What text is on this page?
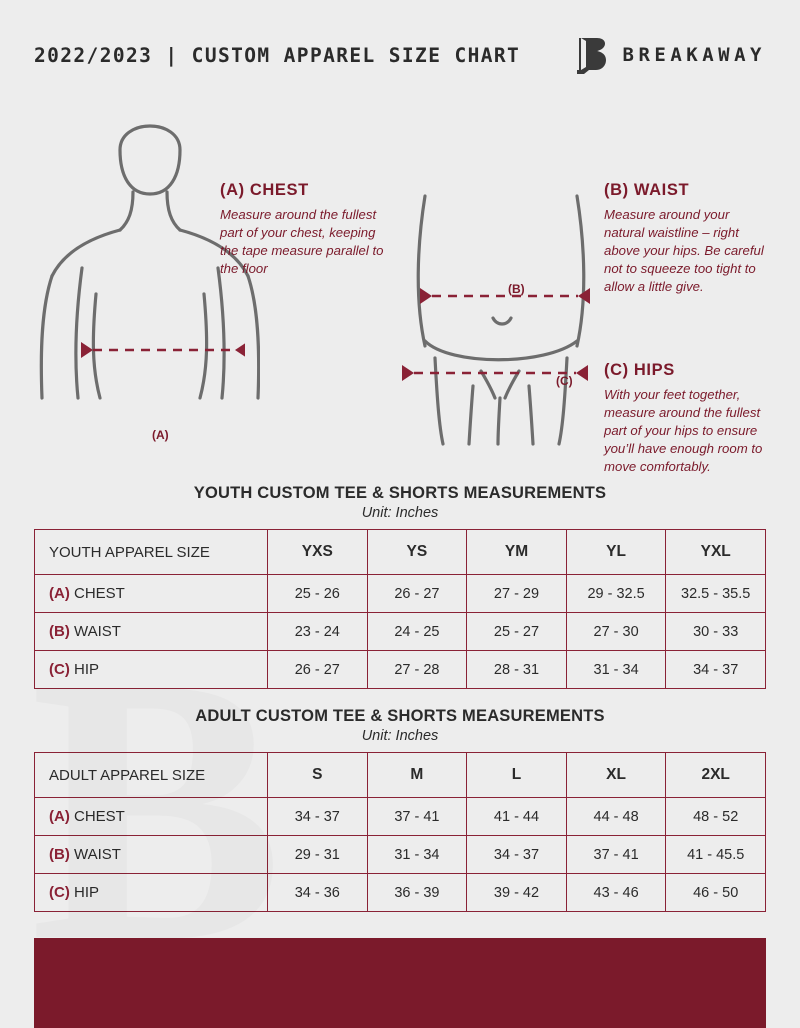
2022/2023 | CUSTOM APPAREL SIZE CHART	BREAKAWAY
(A)
(B)
(C)
(A) CHEST

Measure around the fullest part of your chest, keeping the tape measure parallel to the floor

(B) WAIST

Measure around your natural waistline – right above your hips. Be careful not to squeeze too tight to allow a little give.

(C) HIPS

With your feet together, measure around the fullest part of your hips to ensure you’ll have enough room to move comfortably.

YOUTH CUSTOM TEE & SHORTS MEASUREMENTS
Unit: Inches
YOUTH APPAREL SIZE	YXS	YS	YM	YL	YXL
(A) CHEST	25 - 26	26 - 27	27 - 29	29 - 32.5	32.5 - 35.5
(B) WAIST	23 - 24	24 - 25	25 - 27	27 - 30	30 - 33
(C) HIP	26 - 27	27 - 28	28 - 31	31 - 34	34 - 37
ADULT CUSTOM TEE & SHORTS MEASUREMENTS
Unit: Inches
ADULT APPAREL SIZE	S	M	L	XL	2XL
(A) CHEST	34 - 37	37 - 41	41 - 44	44 - 48	48 - 52
(B) WAIST	29 - 31	31 - 34	34 - 37	37 - 41	41 - 45.5
(C) HIP	34 - 36	36 - 39	39 - 42	43 - 46	46 - 50
